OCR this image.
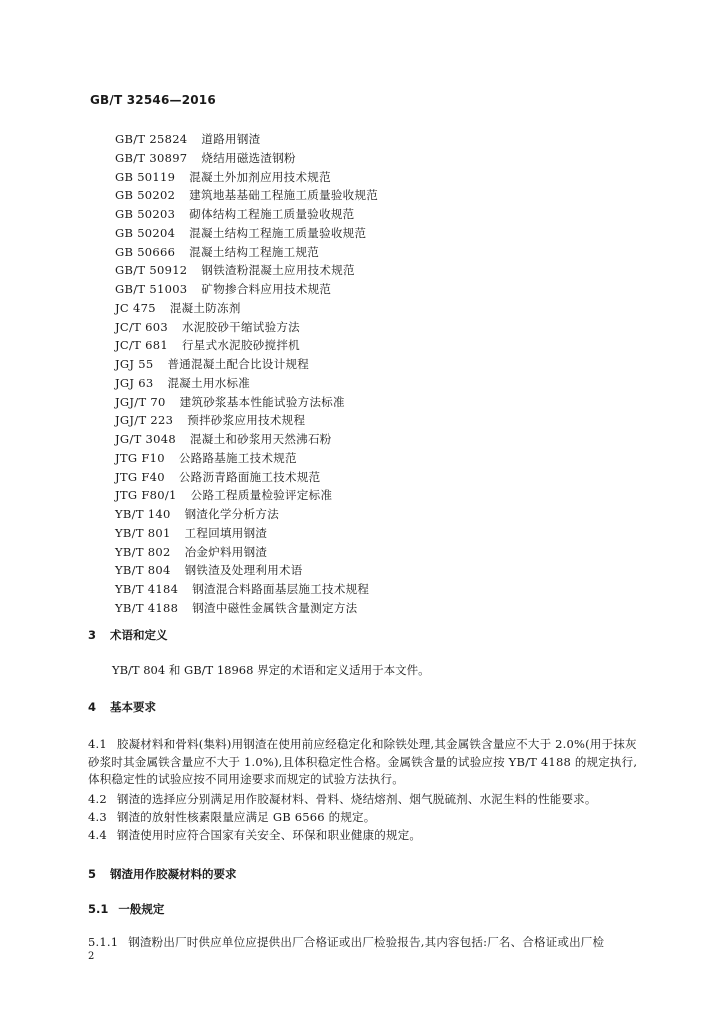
GB/T 32546—2016
GB/T 25824 道路用钢渣
GB/T 30897 烧结用磁选渣钢粉
GB 50119 混凝土外加剂应用技术规范
GB 50202 建筑地基基础工程施工质量验收规范
GB 50203 砌体结构工程施工质量验收规范
GB 50204 混凝土结构工程施工质量验收规范
GB 50666 混凝土结构工程施工规范
GB/T 50912 钢铁渣粉混凝土应用技术规范
GB/T 51003 矿物掺合料应用技术规范
JC 475 混凝土防冻剂
JC/T 603 水泥胶砂干缩试验方法
JC/T 681 行星式水泥胶砂搅拌机
JGJ 55 普通混凝土配合比设计规程
JGJ 63 混凝土用水标准
JGJ/T 70 建筑砂浆基本性能试验方法标准
JGJ/T 223 预拌砂浆应用技术规程
JG/T 3048 混凝土和砂浆用天然沸石粉
JTG F10 公路路基施工技术规范
JTG F40 公路沥青路面施工技术规范
JTG F80/1 公路工程质量检验评定标准
YB/T 140 钢渣化学分析方法
YB/T 801 工程回填用钢渣
YB/T 802 冶金炉料用钢渣
YB/T 804 钢铁渣及处理利用术语
YB/T 4184 钢渣混合料路面基层施工技术规程
YB/T 4188 钢渣中磁性金属铁含量测定方法
3 术语和定义
YB/T 804 和 GB/T 18968 界定的术语和定义适用于本文件。
4 基本要求
4.1 胶凝材料和骨料(集料)用钢渣在使用前应经稳定化和除铁处理,其金属铁含量应不大于 2.0%(用于抹灰砂浆时其金属铁含量应不大于 1.0%),且体积稳定性合格。金属铁含量的试验应按 YB/T 4188 的规定执行,体积稳定性的试验应按不同用途要求而规定的试验方法执行。
4.2 钢渣的选择应分别满足用作胶凝材料、骨料、烧结熔剂、烟气脱硫剂、水泥生料的性能要求。
4.3 钢渣的放射性核素限量应满足 GB 6566 的规定。
4.4 钢渣使用时应符合国家有关安全、环保和职业健康的规定。
5 钢渣用作胶凝材料的要求
5.1 一般规定
5.1.1 钢渣粉出厂时供应单位应提供出厂合格证或出厂检验报告,其内容包括:厂名、合格证或出厂检
2
